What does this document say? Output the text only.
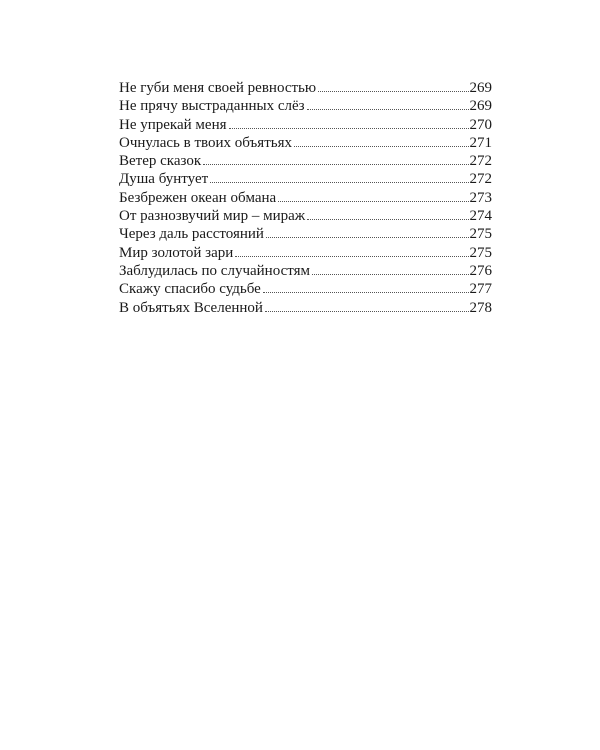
Не губи меня своей ревностью	269
Не прячу выстраданных слёз	269
Не упрекай меня	270
Очнулась в твоих объятьях	271
Ветер сказок	272
Душа бунтует	272
Безбрежен океан обмана	273
От разнозвучий мир – мираж	274
Через даль расстояний	275
Мир золотой зари	275
Заблудилась по случайностям	276
Скажу спасибо судьбе	277
В объятьях Вселенной	278
